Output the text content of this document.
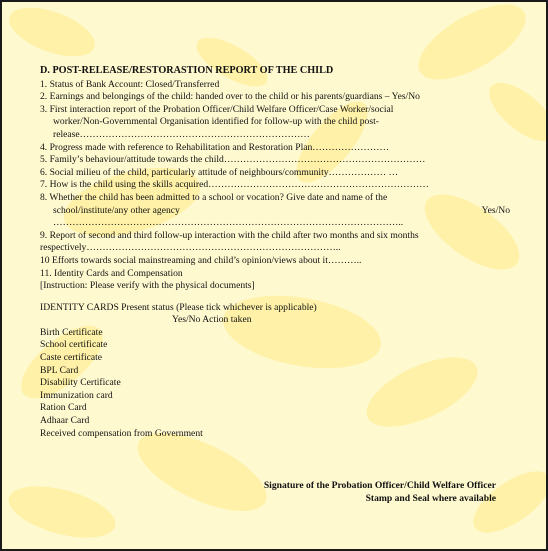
D. POST-RELEASE/RESTORASTION REPORT OF THE CHILD
1. Status of Bank Account: Closed/Transferred
2. Earnings and belongings of the child: handed over to the child or his parents/guardians – Yes/No
3. First interaction report of the Probation Officer/Child Welfare Officer/Case Worker/social
worker/Non-Governmental Organisation identified for follow-up with the child post-
release………………………………………………………………
4. Progress made with reference to Rehabilitation and Restoration Plan……………………
5. Family’s behaviour/attitude towards the child………………………………………………………
6. Social milieu of the child, particularly attitude of neighbours/community……………… …
7. How is the child using the skills acquired……………………………………………………………
8. Whether the child has been admitted to a school or vocation? Give date and name of the
school/institute/any other agency	Yes/No
………………………………………………………………………………………………..
9. Report of second and third follow-up interaction with the child after two months and six months
respectively……………………………………………………………………..
10 Efforts towards social mainstreaming and child’s opinion/views about it………..
11. Identity Cards and Compensation
[Instruction: Please verify with the physical documents]
IDENTITY CARDS Present status (Please tick whichever is applicable)
Yes/No Action taken
Birth Certificate
School certificate
Caste certificate
BPL Card
Disability Certificate
Immunization card
Ration Card
Adhaar Card
Received compensation from Government
Signature of the Probation Officer/Child Welfare Officer
Stamp and Seal where available
